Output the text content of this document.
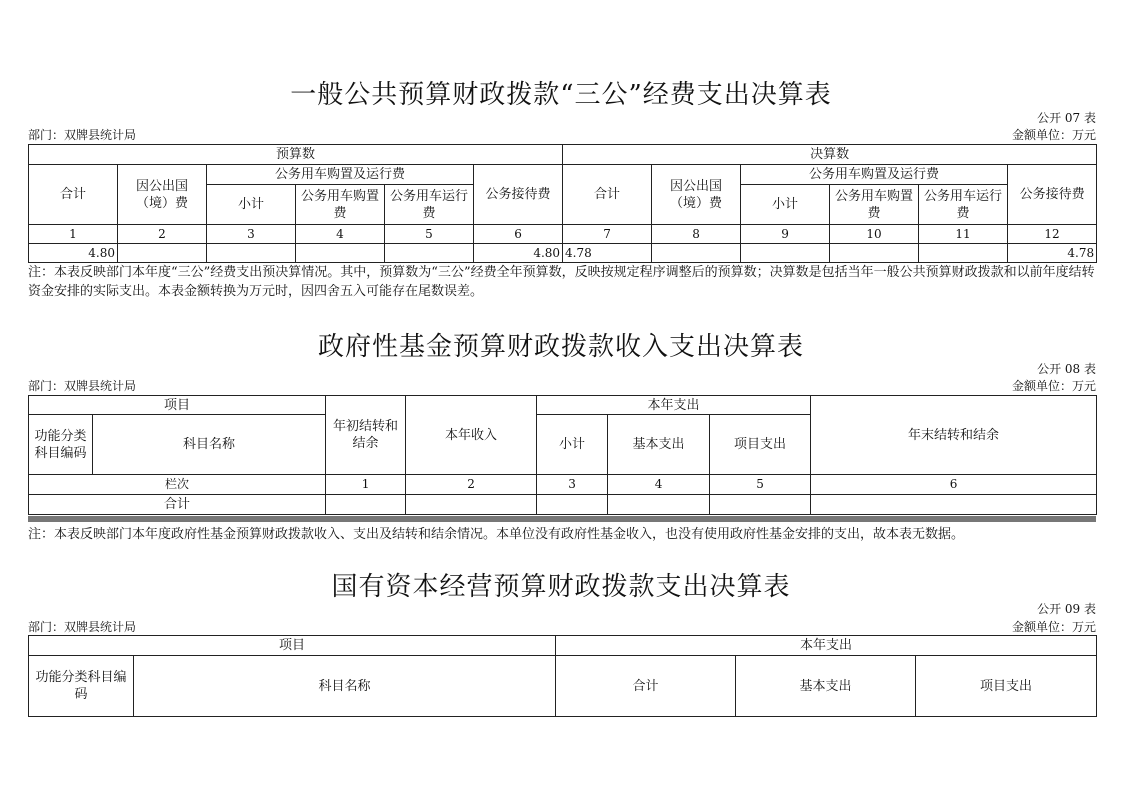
一般公共预算财政拨款“三公”经费支出决算表
公开 07 表
部门：双牌县统计局	金额单位：万元
预算数						决算数					
合计	因公出国（境）费	公务用车购置及运行费			公务接待费	合计	因公出国（境）费	公务用车购置及运行费			公务接待费
		小计	公务用车购置费	公务用车运行费				小计	公务用车购置费	公务用车运行费	
1	2	3	4	5	6	7	8	9	10	11	12
4.80					4.80	4.78					4.78
注：本表反映部门本年度“三公”经费支出预决算情况。其中，预算数为“三公”经费全年预算数，反映按规定程序调整后的预算数；决算数是包括当年一般公共预算财政拨款和以前年度结转资金安排的实际支出。本表金额转换为万元时，因四舍五入可能存在尾数误差。
政府性基金预算财政拨款收入支出决算表
公开 08 表
部门：双牌县统计局	金额单位：万元
项目		年初结转和结余	本年收入	本年支出			年末结转和结余
功能分类科目编码	科目名称			小计	基本支出	项目支出	

栏次		1	2	3	4	5	6
合计							
注：本表反映部门本年度政府性基金预算财政拨款收入、支出及结转和结余情况。本单位没有政府性基金收入，也没有使用政府性基金安排的支出，故本表无数据。
国有资本经营预算财政拨款支出决算表
公开 09 表
部门：双牌县统计局	金额单位：万元
项目		本年支出		
功能分类科目编码	科目名称	合计	基本支出	项目支出
